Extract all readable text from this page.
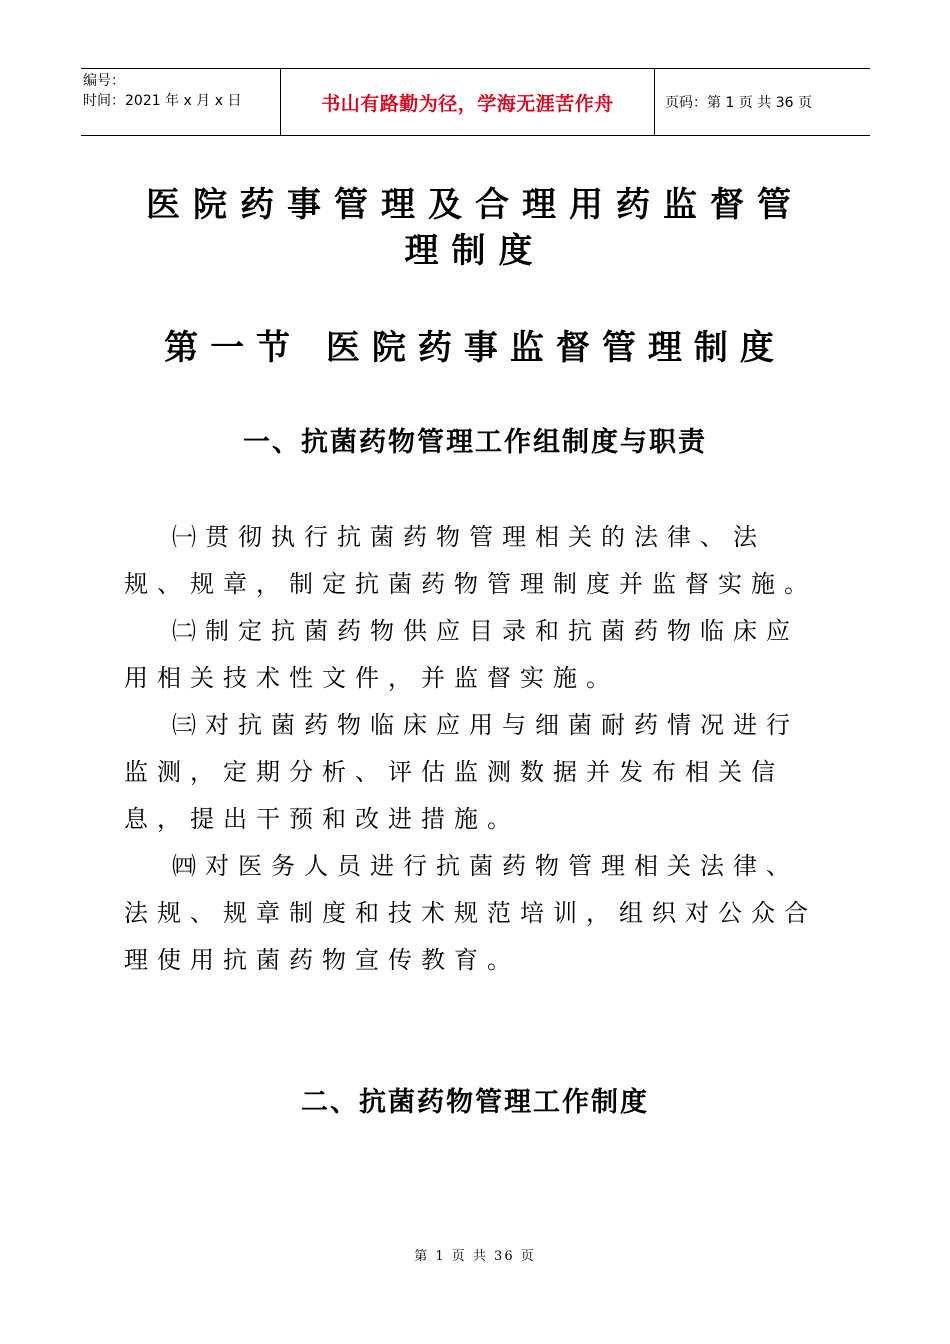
编号：
时间：2021 年 x 月 x 日	书山有路勤为径，学海无涯苦作舟	页码：第 1 页 共 36 页
医院药事管理及合理用药监督管
理制度
第一节 医院药事监督管理制度
一、抗菌药物管理工作组制度与职责

㈠贯彻执行抗菌药物管理相关的法律、法规、规章，制定抗菌药物管理制度并监督实施。

㈡制定抗菌药物供应目录和抗菌药物临床应用相关技术性文件，并监督实施。

㈢对抗菌药物临床应用与细菌耐药情况进行监测，定期分析、评估监测数据并发布相关信息，提出干预和改进措施。

㈣对医务人员进行抗菌药物管理相关法律、法规、规章制度和技术规范培训，组织对公众合理使用抗菌药物宣传教育。

二、抗菌药物管理工作制度
第 1 页 共 36 页
